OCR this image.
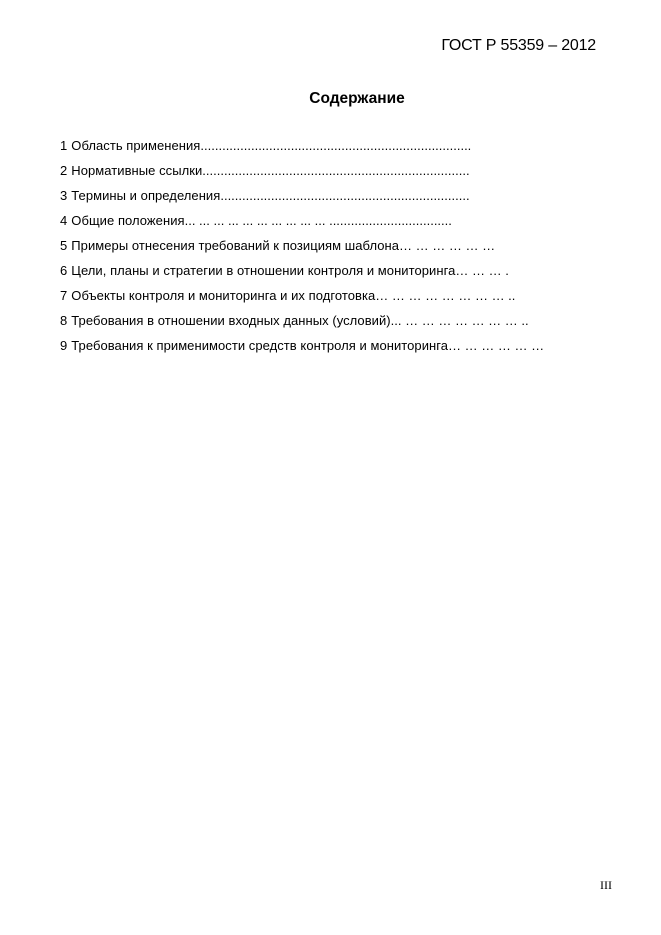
ГОСТ Р 55359 – 2012
Содержание
1 Область применения...........................................................................
2 Нормативные ссылки..........................................................................
3 Термины и определения.....................................................................
4 Общие положения... ... ... ... ... ... ... ... ... ... ..................................
5 Примеры отнесения требований к позициям шаблона… … … … … …
6 Цели, планы и стратегии в отношении контроля и мониторинга… … … .
7 Объекты контроля и мониторинга и их подготовка… … … … … … … … ..
8 Требования в отношении входных данных (условий)... … … … … … … … ..
9 Требования к применимости средств контроля и мониторинга… … … … … …
III
